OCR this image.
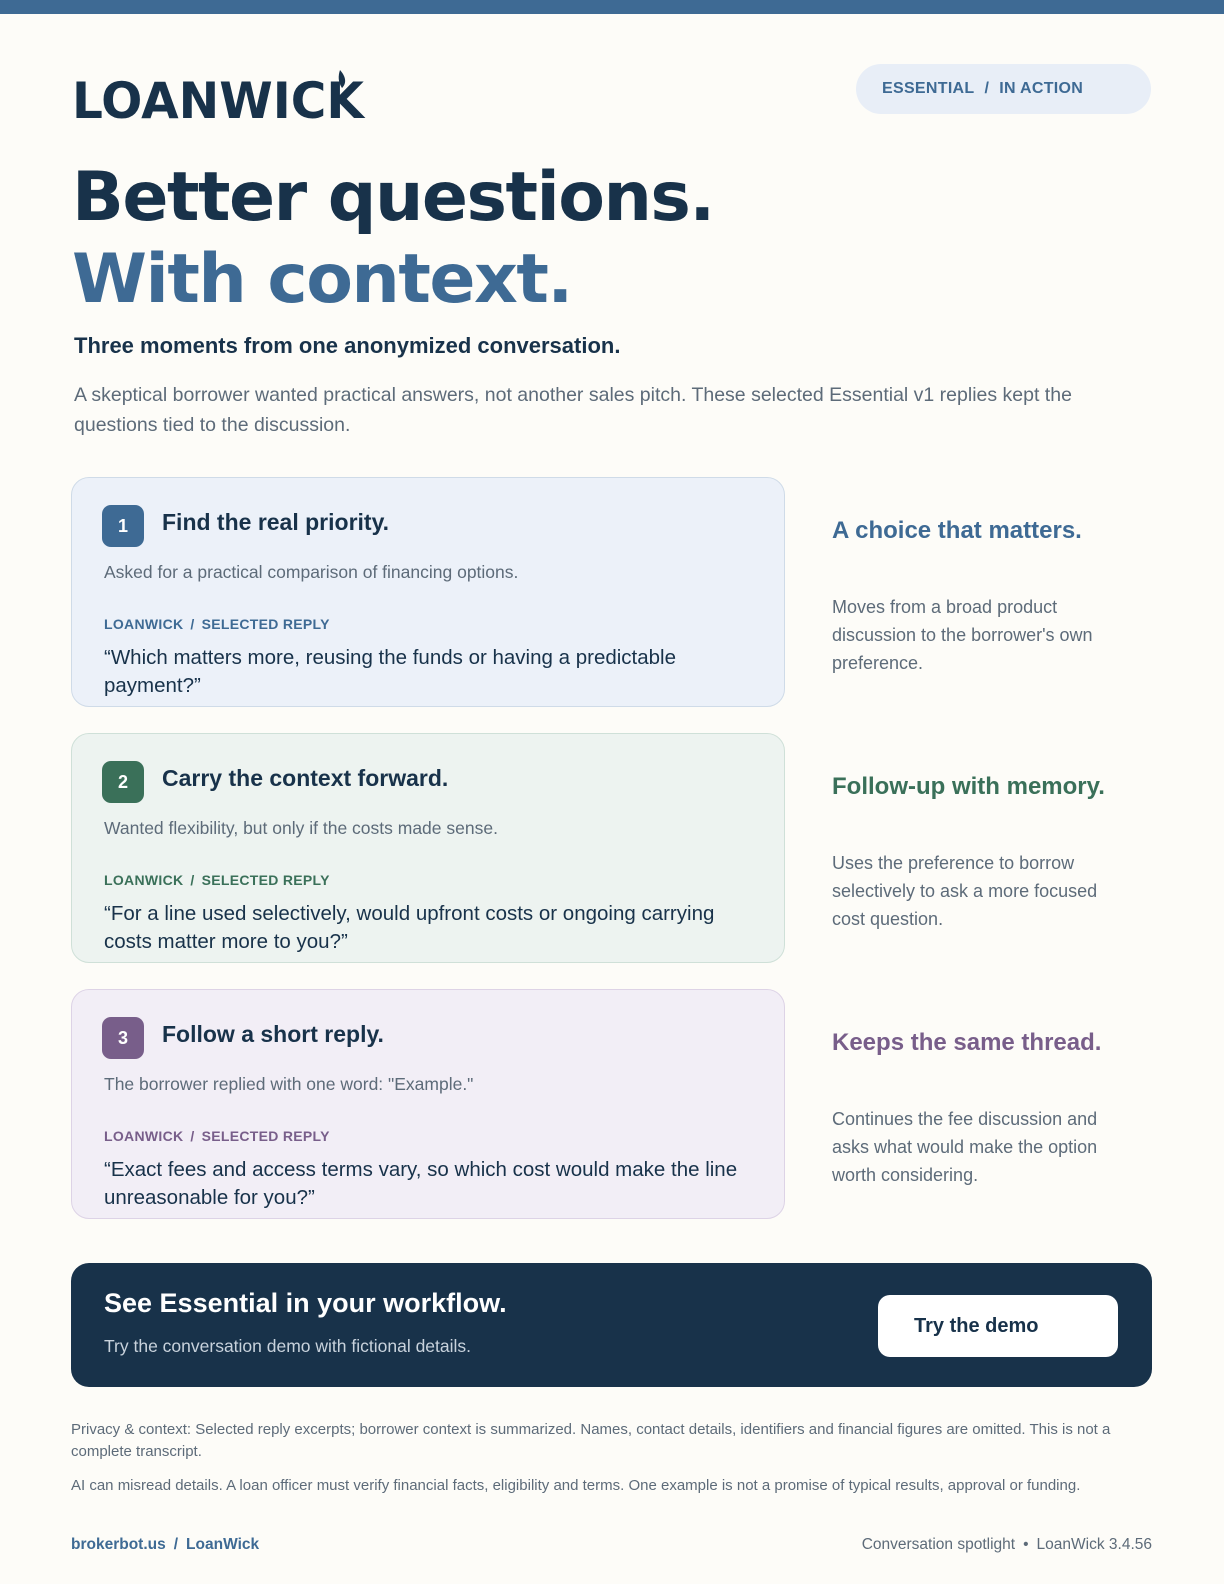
LOANWICK	ESSENTIAL / IN ACTION
Better questions.
With context.

Three moments from one anonymized conversation.

A skeptical borrower wanted practical answers, not another sales pitch. These selected Essential v1 replies kept the questions tied to the discussion.

1	Find the real priority.
Asked for a practical comparison of financing options.
LOANWICK / SELECTED REPLY
“Which matters more, reusing the funds or having a predictable payment?”
A choice that matters.
Moves from a broad product discussion to the borrower's own preference.
2	Carry the context forward.
Wanted flexibility, but only if the costs made sense.
LOANWICK / SELECTED REPLY
“For a line used selectively, would upfront costs or ongoing carrying costs matter more to you?”
Follow-up with memory.
Uses the preference to borrow selectively to ask a more focused cost question.
3	Follow a short reply.
The borrower replied with one word: "Example."
LOANWICK / SELECTED REPLY
“Exact fees and access terms vary, so which cost would make the line unreasonable for you?”
Keeps the same thread.
Continues the fee discussion and asks what would make the option worth considering.
See Essential in your workflow.
Try the conversation demo with fictional details.
Try the demo

Privacy & context: Selected reply excerpts; borrower context is summarized. Names, contact details, identifiers and financial figures are omitted. This is not a complete transcript.

AI can misread details. A loan officer must verify financial facts, eligibility and terms. One example is not a promise of typical results, approval or funding.

brokerbot.us / LoanWick	Conversation spotlight • LoanWick 3.4.56
